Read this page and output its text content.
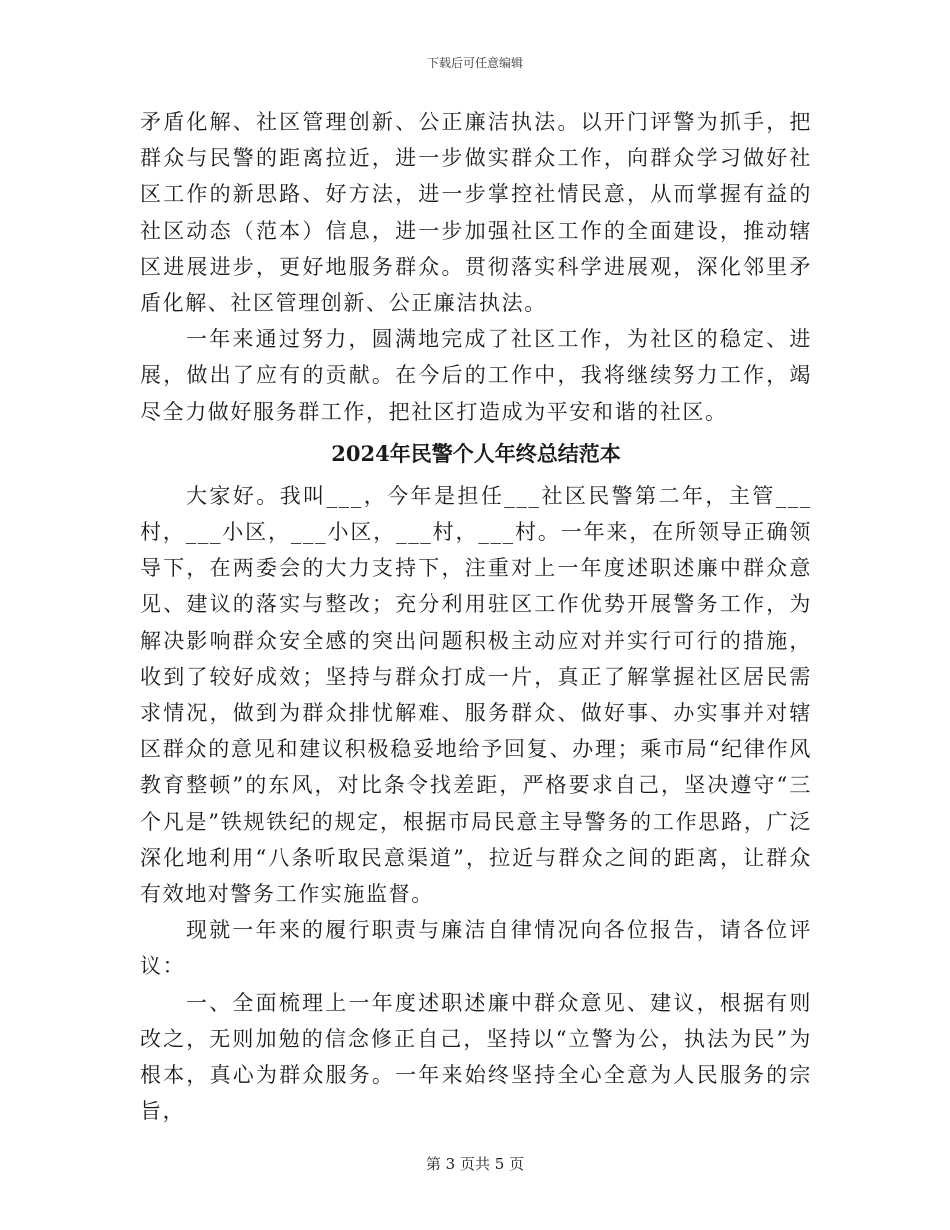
下载后可任意编辑

矛盾化解、社区管理创新、公正廉洁执法。以开门评警为抓手，把群众与民警的距离拉近，进一步做实群众工作，向群众学习做好社区工作的新思路、好方法，进一步掌控社情民意，从而掌握有益的社区动态（范本）信息，进一步加强社区工作的全面建设，推动辖区进展进步，更好地服务群众。贯彻落实科学进展观，深化邻里矛盾化解、社区管理创新、公正廉洁执法。

一年来通过努力，圆满地完成了社区工作，为社区的稳定、进展，做出了应有的贡献。在今后的工作中，我将继续努力工作，竭尽全力做好服务群工作，把社区打造成为平安和谐的社区。

2024年民警个人年终总结范本

大家好。我叫___，今年是担任___社区民警第二年，主管___村，___小区，___小区，___村，___村。一年来，在所领导正确领导下，在两委会的大力支持下，注重对上一年度述职述廉中群众意见、建议的落实与整改；充分利用驻区工作优势开展警务工作，为解决影响群众安全感的突出问题积极主动应对并实行可行的措施，收到了较好成效；坚持与群众打成一片，真正了解掌握社区居民需求情况，做到为群众排忧解难、服务群众、做好事、办实事并对辖区群众的意见和建议积极稳妥地给予回复、办理；乘市局“纪律作风教育整顿”的东风，对比条令找差距，严格要求自己，坚决遵守“三个凡是”铁规铁纪的规定，根据市局民意主导警务的工作思路，广泛深化地利用“八条听取民意渠道”，拉近与群众之间的距离，让群众有效地对警务工作实施监督。

现就一年来的履行职责与廉洁自律情况向各位报告，请各位评议：

一、全面梳理上一年度述职述廉中群众意见、建议，根据有则改之，无则加勉的信念修正自己，坚持以“立警为公，执法为民”为根本，真心为群众服务。一年来始终坚持全心全意为人民服务的宗旨，

第 3 页共 5 页
